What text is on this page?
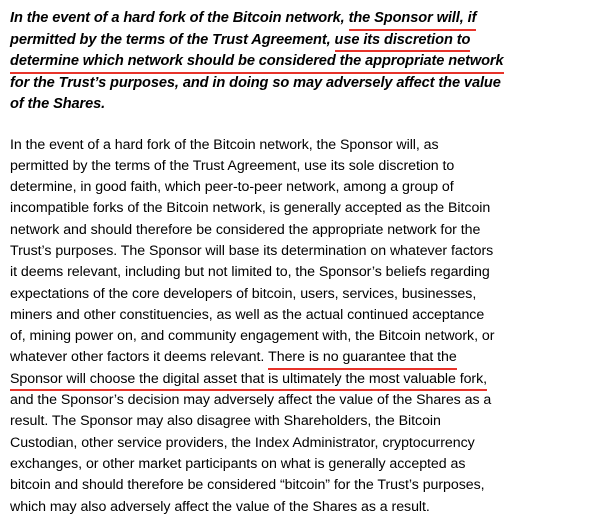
In the event of a hard fork of the Bitcoin network, the Sponsor will, if
permitted by the terms of the Trust Agreement, use its discretion to
determine which network should be considered the appropriate network
for the Trust’s purposes, and in doing so may adversely affect the value
of the Shares.
In the event of a hard fork of the Bitcoin network, the Sponsor will, as
permitted by the terms of the Trust Agreement, use its sole discretion to
determine, in good faith, which peer-to-peer network, among a group of
incompatible forks of the Bitcoin network, is generally accepted as the Bitcoin
network and should therefore be considered the appropriate network for the
Trust’s purposes. The Sponsor will base its determination on whatever factors
it deems relevant, including but not limited to, the Sponsor’s beliefs regarding
expectations of the core developers of bitcoin, users, services, businesses,
miners and other constituencies, as well as the actual continued acceptance
of, mining power on, and community engagement with, the Bitcoin network, or
whatever other factors it deems relevant. There is no guarantee that the
Sponsor will choose the digital asset that is ultimately the most valuable fork,
and the Sponsor’s decision may adversely affect the value of the Shares as a
result. The Sponsor may also disagree with Shareholders, the Bitcoin
Custodian, other service providers, the Index Administrator, cryptocurrency
exchanges, or other market participants on what is generally accepted as
bitcoin and should therefore be considered “bitcoin” for the Trust’s purposes,
which may also adversely affect the value of the Shares as a result.
